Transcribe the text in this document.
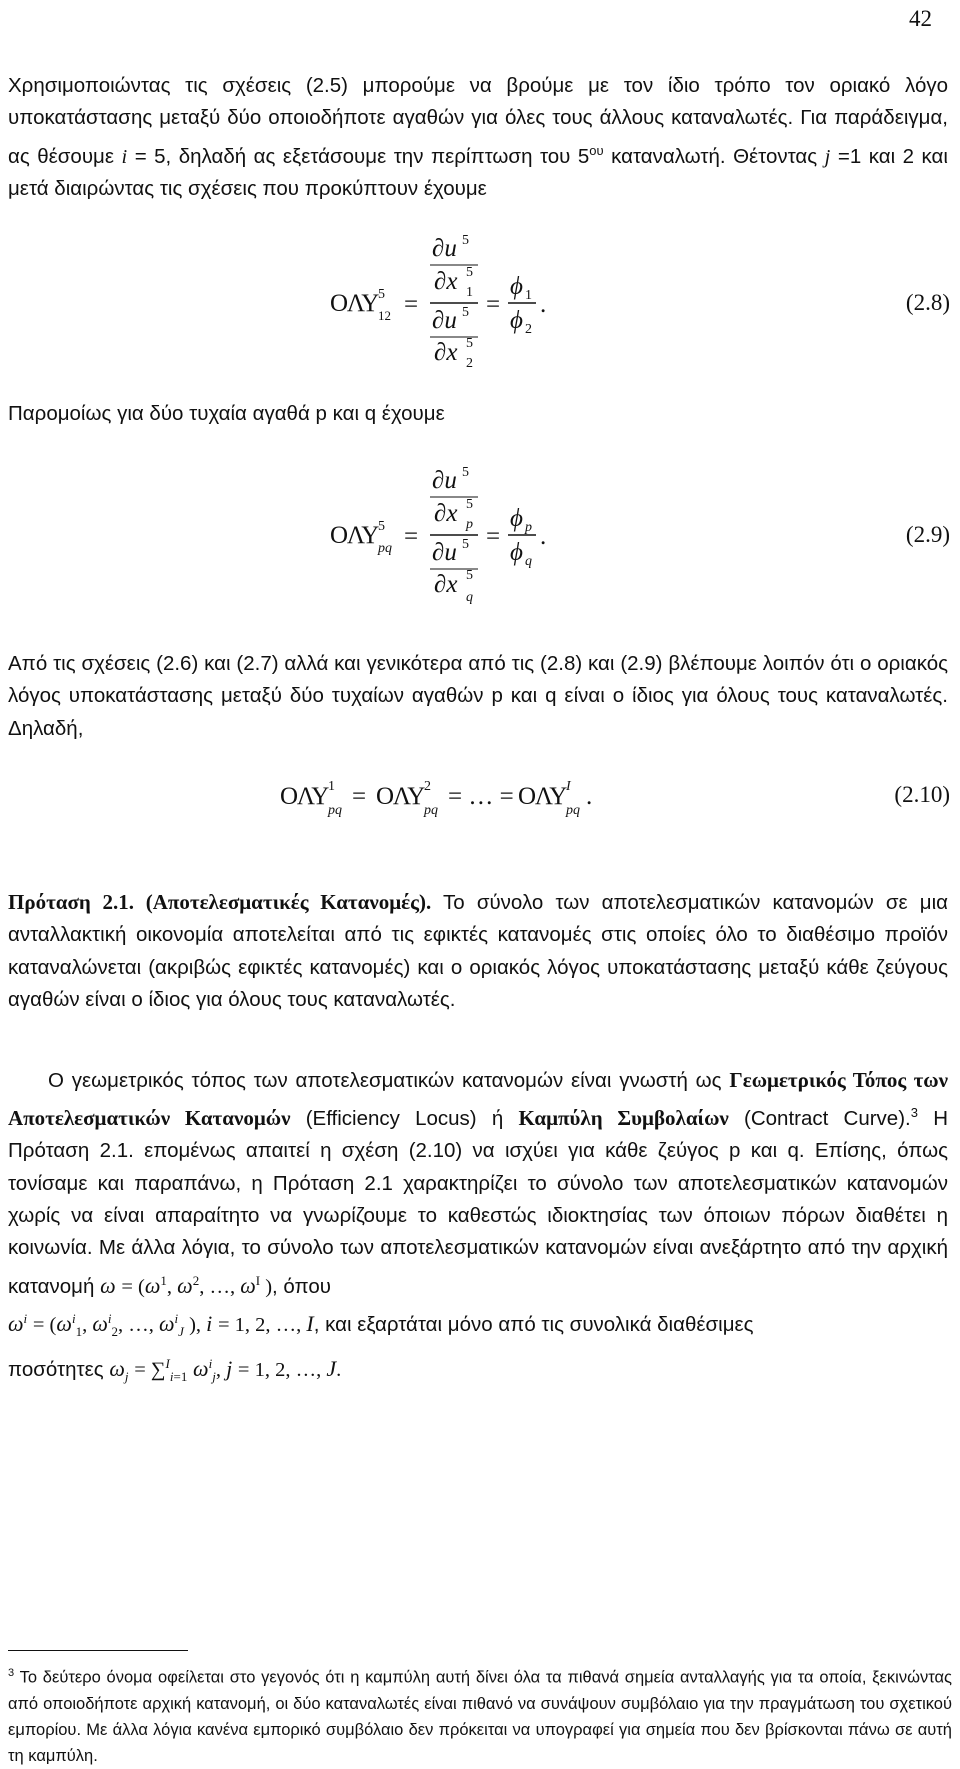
42

Χρησιμοποιώντας τις σχέσεις (2.5) μπορούμε να βρούμε με τον ίδιο τρόπο τον οριακό λόγο υποκατάστασης μεταξύ δύο οποιοδήποτε αγαθών για όλες τους άλλους καταναλωτές. Για παράδειγμα, ας θέσουμε i = 5, δηλαδή ας εξετάσουμε την περίπτωση του $5^{o\upsilon}$ καταναλωτή. Θέτοντας j =1 και 2 και μετά διαιρώντας τις σχέσεις που προκύπτουν έχουμε

∂u 5
∂x 5
1
∂u 5
∂x 5
2
ΟΛΥ
5
12 =	=
ϕ 1
ϕ 2
.	(2.8)

Παρομοίως για δύο τυχαία αγαθά p και q έχουμε

∂u 5
∂x 5
p
∂u 5
∂x 5
q
ΟΛΥ
5
pq =	=
ϕ p
ϕ q
.	(2.9)

Από τις σχέσεις (2.6) και (2.7) αλλά και γενικότερα από τις (2.8) και (2.9) βλέπουμε λοιπόν ότι ο οριακός λόγος υποκατάστασης μεταξύ δύο τυχαίων αγαθών p και q είναι ο ίδιος για όλους τους καταναλωτές. Δηλαδή,

ΟΛΥ
1
pq
= ΟΛΥ
2
pq
= … = ΟΛΥ
I
pq
.	(2.10)

Πρόταση 2.1. (Αποτελεσματικές Κατανομές). Το σύνολο των αποτελεσματικών κατανομών σε μια ανταλλακτική οικονομία αποτελείται από τις εφικτές κατανομές στις οποίες όλο το διαθέσιμο προϊόν καταναλώνεται (ακριβώς εφικτές κατανομές) και ο οριακός λόγος υποκατάστασης μεταξύ κάθε ζεύγους αγαθών είναι ο ίδιος για όλους τους καταναλωτές.

Ο γεωμετρικός τόπος των αποτελεσματικών κατανομών είναι γνωστή ως Γεωμετρικός Τόπος των Αποτελεσματικών Κατανομών (Efficiency Locus) ή Καμπύλη Συμβολαίων (Contract Curve).$^3$ Η Πρόταση 2.1. επομένως απαιτεί η σχέση (2.10) να ισχύει για κάθε ζεύγος p και q. Επίσης, όπως τονίσαμε και παραπάνω, η Πρόταση 2.1 χαρακτηρίζει το σύνολο των αποτελεσματικών κατανομών χωρίς να είναι απαραίτητο να γνωρίζουμε το καθεστώς ιδιοκτησίας των όποιων πόρων διαθέτει η κοινωνία. Με άλλα λόγια, το σύνολο των αποτελεσματικών κατανομών είναι ανεξάρτητο από την αρχική κατανομή $\omega = (\omega^1$, $\omega^2$, …, $\omega^I$ ), όπου
$\omega^i = (\omega^i_1$, $\omega^i_2$, …, $\omega^i_J$ ), i = 1, 2, …, I, και εξαρτάται μόνο από τις συνολικά διαθέσιμες
ποσότητες $\omega_j = \sum^I_{i=1}$ $\omega^i_j$, j = 1, 2, …, J.

$^3$ Το δεύτερο όνομα οφείλεται στο γεγονός ότι η καμπύλη αυτή δίνει όλα τα πιθανά σημεία ανταλλαγής για τα οποία, ξεκινώντας από οποιοδήποτε αρχική κατανομή, οι δύο καταναλωτές είναι πιθανό να συνάψουν συμβόλαιο για την πραγμάτωση του σχετικού εμπορίου. Με άλλα λόγια κανένα εμπορικό συμβόλαιο δεν πρόκειται να υπογραφεί για σημεία που δεν βρίσκονται πάνω σε αυτή τη καμπύλη.
